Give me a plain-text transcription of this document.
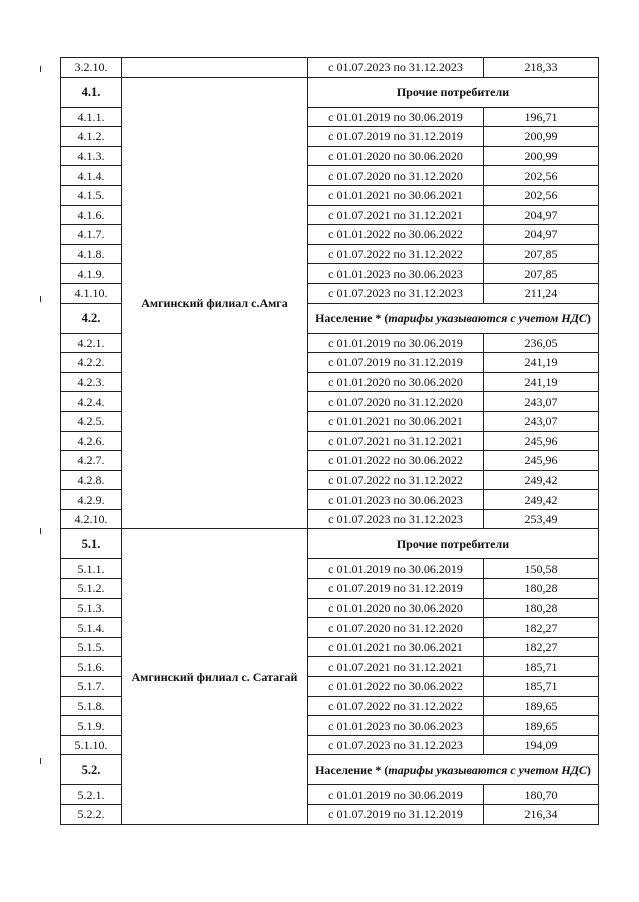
3.2.10.		с 01.07.2023 по 31.12.2023	218,33
4.1.	Амгинский филиал с.Амга	Прочие потребители	
4.1.1.		с 01.01.2019 по 30.06.2019	196,71
4.1.2.		с 01.07.2019 по 31.12.2019	200,99
4.1.3.		с 01.01.2020 по 30.06.2020	200,99
4.1.4.		с 01.07.2020 по 31.12.2020	202,56
4.1.5.		с 01.01.2021 по 30.06.2021	202,56
4.1.6.		с 01.07.2021 по 31.12.2021	204,97
4.1.7.		с 01.01.2022 по 30.06.2022	204,97
4.1.8.		с 01.07.2022 по 31.12.2022	207,85
4.1.9.		с 01.01.2023 по 30.06.2023	207,85
4.1.10.		с 01.07.2023 по 31.12.2023	211,24
4.2.		Население * (тарифы указываются с учетом НДС)	
4.2.1.		с 01.01.2019 по 30.06.2019	236,05
4.2.2.		с 01.07.2019 по 31.12.2019	241,19
4.2.3.		с 01.01.2020 по 30.06.2020	241,19
4.2.4.		с 01.07.2020 по 31.12.2020	243,07
4.2.5.		с 01.01.2021 по 30.06.2021	243,07
4.2.6.		с 01.07.2021 по 31.12.2021	245,96
4.2.7.		с 01.01.2022 по 30.06.2022	245,96
4.2.8.		с 01.07.2022 по 31.12.2022	249,42
4.2.9.		с 01.01.2023 по 30.06.2023	249,42
4.2.10.		с 01.07.2023 по 31.12.2023	253,49
5.1.	Амгинский филиал с. Сатагай	Прочие потребители	
5.1.1.		с 01.01.2019 по 30.06.2019	150,58
5.1.2.		с 01.07.2019 по 31.12.2019	180,28
5.1.3.		с 01.01.2020 по 30.06.2020	180,28
5.1.4.		с 01.07.2020 по 31.12.2020	182,27
5.1.5.		с 01.01.2021 по 30.06.2021	182,27
5.1.6.		с 01.07.2021 по 31.12.2021	185,71
5.1.7.		с 01.01.2022 по 30.06.2022	185,71
5.1.8.		с 01.07.2022 по 31.12.2022	189,65
5.1.9.		с 01.01.2023 по 30.06.2023	189,65
5.1.10.		с 01.07.2023 по 31.12.2023	194,09
5.2.		Население * (тарифы указываются с учетом НДС)	
5.2.1.		с 01.01.2019 по 30.06.2019	180,70
5.2.2.		с 01.07.2019 по 31.12.2019	216,34
